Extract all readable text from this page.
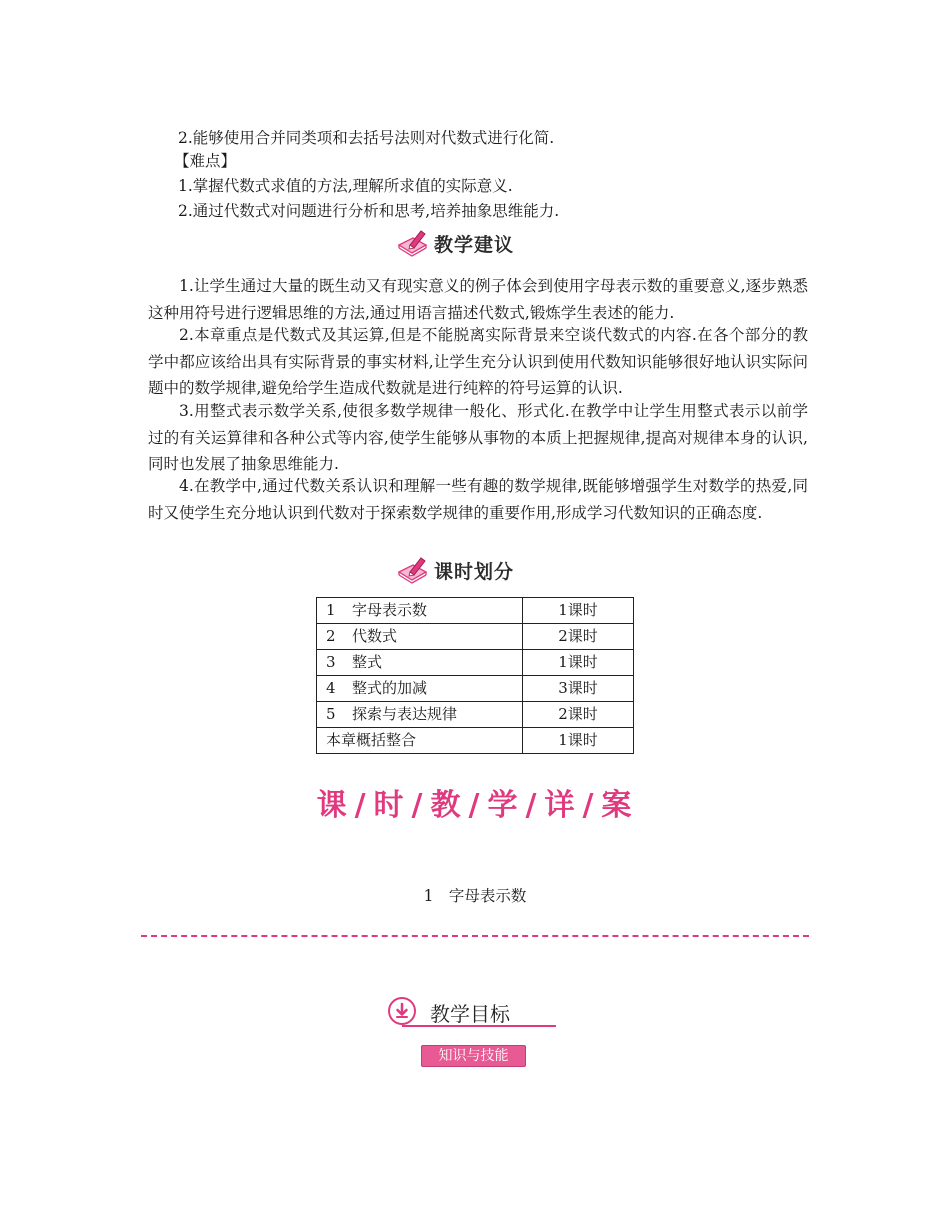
2.能够使用合并同类项和去括号法则对代数式进行化简.
【难点】
1.掌握代数式求值的方法,理解所求值的实际意义.
2.通过代数式对问题进行分析和思考,培养抽象思维能力.
教学建议
1.让学生通过大量的既生动又有现实意义的例子体会到使用字母表示数的重要意义,逐步熟悉这种用符号进行逻辑思维的方法,通过用语言描述代数式,锻炼学生表述的能力.
2.本章重点是代数式及其运算,但是不能脱离实际背景来空谈代数式的内容.在各个部分的教学中都应该给出具有实际背景的事实材料,让学生充分认识到使用代数知识能够很好地认识实际问题中的数学规律,避免给学生造成代数就是进行纯粹的符号运算的认识.
3.用整式表示数学关系,使很多数学规律一般化、形式化.在教学中让学生用整式表示以前学过的有关运算律和各种公式等内容,使学生能够从事物的本质上把握规律,提高对规律本身的认识,同时也发展了抽象思维能力.
4.在教学中,通过代数关系认识和理解一些有趣的数学规律,既能够增强学生对数学的热爱,同时又使学生充分地认识到代数对于探索数学规律的重要作用,形成学习代数知识的正确态度.
课时划分
1 字母表示数	1课时
2 代数式	2课时
3 整式	1课时
4 整式的加减	3课时
5 探索与表达规律	2课时
本章概括整合	1课时
课 / 时 / 教 / 学 / 详 / 案
1　字母表示数
教学目标
知识与技能
